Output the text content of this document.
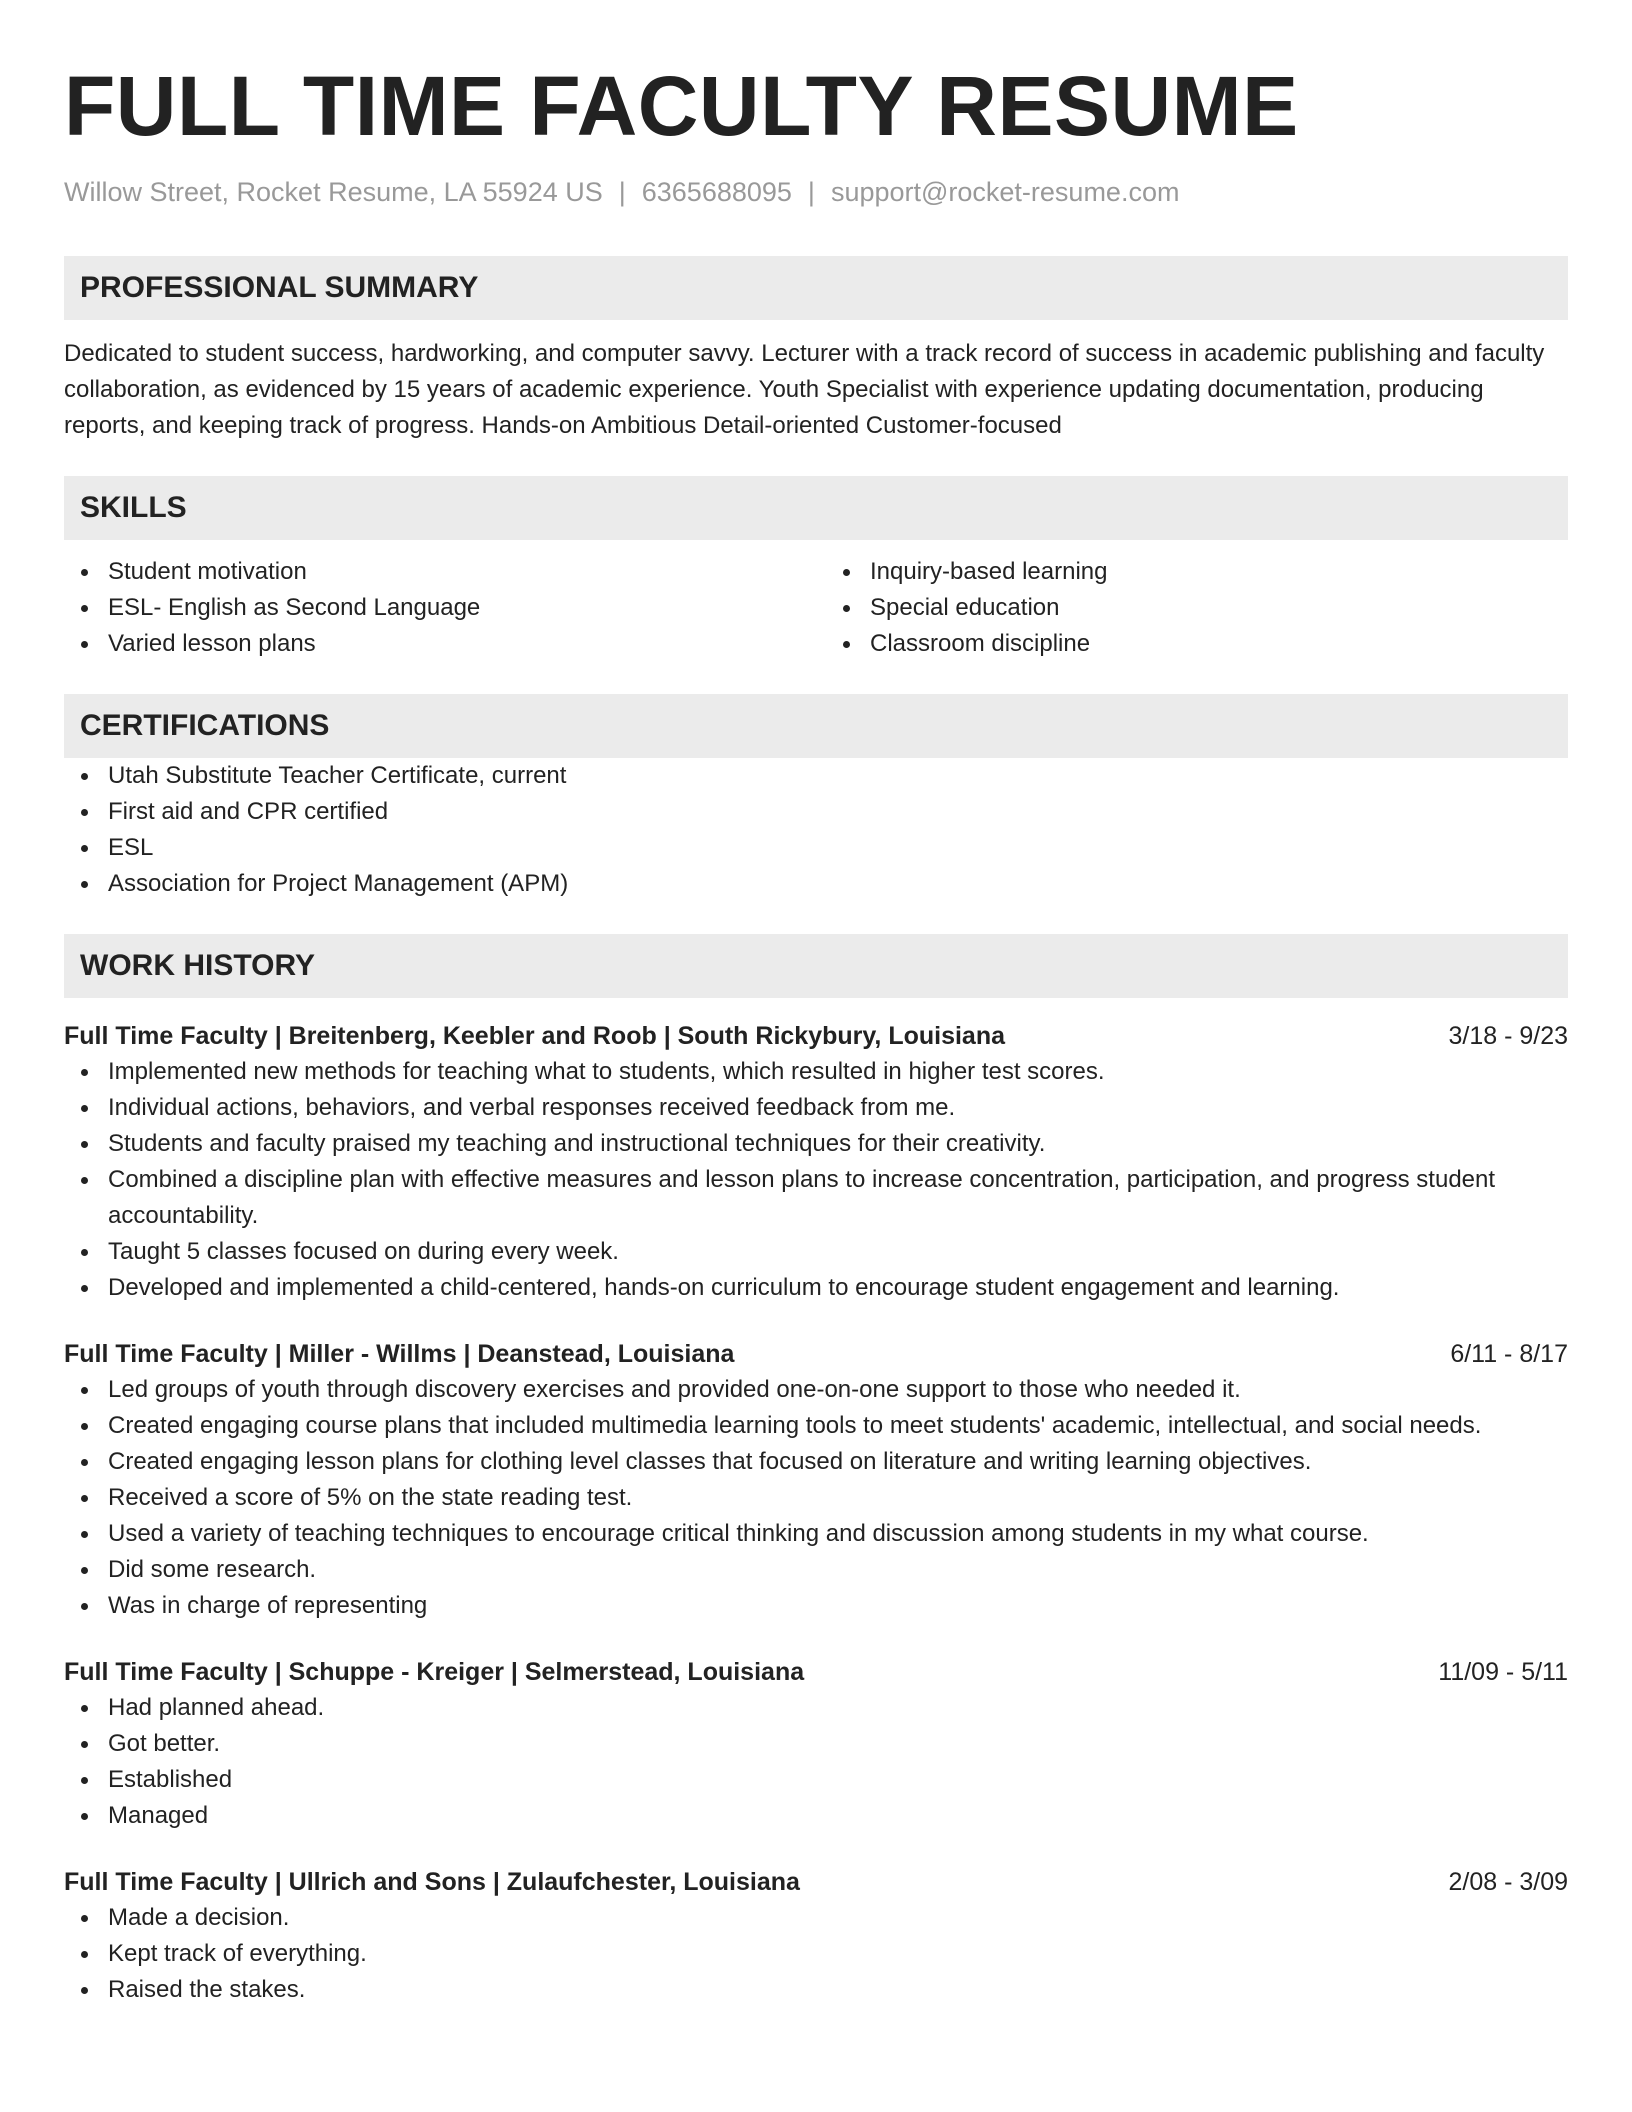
FULL TIME FACULTY RESUME
Willow Street, Rocket Resume, LA 55924 US | 6365688095 | support@rocket-resume.com
PROFESSIONAL SUMMARY
Dedicated to student success, hardworking, and computer savvy. Lecturer with a track record of success in academic publishing and faculty collaboration, as evidenced by 15 years of academic experience. Youth Specialist with experience updating documentation, producing reports, and keeping track of progress. Hands-on Ambitious Detail-oriented Customer-focused
SKILLS
Student motivation
ESL- English as Second Language
Varied lesson plans
Inquiry-based learning
Special education
Classroom discipline
CERTIFICATIONS
Utah Substitute Teacher Certificate, current
First aid and CPR certified
ESL
Association for Project Management (APM)
WORK HISTORY
Full Time Faculty | Breitenberg, Keebler and Roob | South Rickybury, Louisiana	3/18 - 9/23
Implemented new methods for teaching what to students, which resulted in higher test scores.
Individual actions, behaviors, and verbal responses received feedback from me.
Students and faculty praised my teaching and instructional techniques for their creativity.
Combined a discipline plan with effective measures and lesson plans to increase concentration, participation, and progress student accountability.
Taught 5 classes focused on during every week.
Developed and implemented a child-centered, hands-on curriculum to encourage student engagement and learning.
Full Time Faculty | Miller - Willms | Deanstead, Louisiana	6/11 - 8/17
Led groups of youth through discovery exercises and provided one-on-one support to those who needed it.
Created engaging course plans that included multimedia learning tools to meet students' academic, intellectual, and social needs.
Created engaging lesson plans for clothing level classes that focused on literature and writing learning objectives.
Received a score of 5% on the state reading test.
Used a variety of teaching techniques to encourage critical thinking and discussion among students in my what course.
Did some research.
Was in charge of representing
Full Time Faculty | Schuppe - Kreiger | Selmerstead, Louisiana	11/09 - 5/11
Had planned ahead.
Got better.
Established
Managed
Full Time Faculty | Ullrich and Sons | Zulaufchester, Louisiana	2/08 - 3/09
Made a decision.
Kept track of everything.
Raised the stakes.
